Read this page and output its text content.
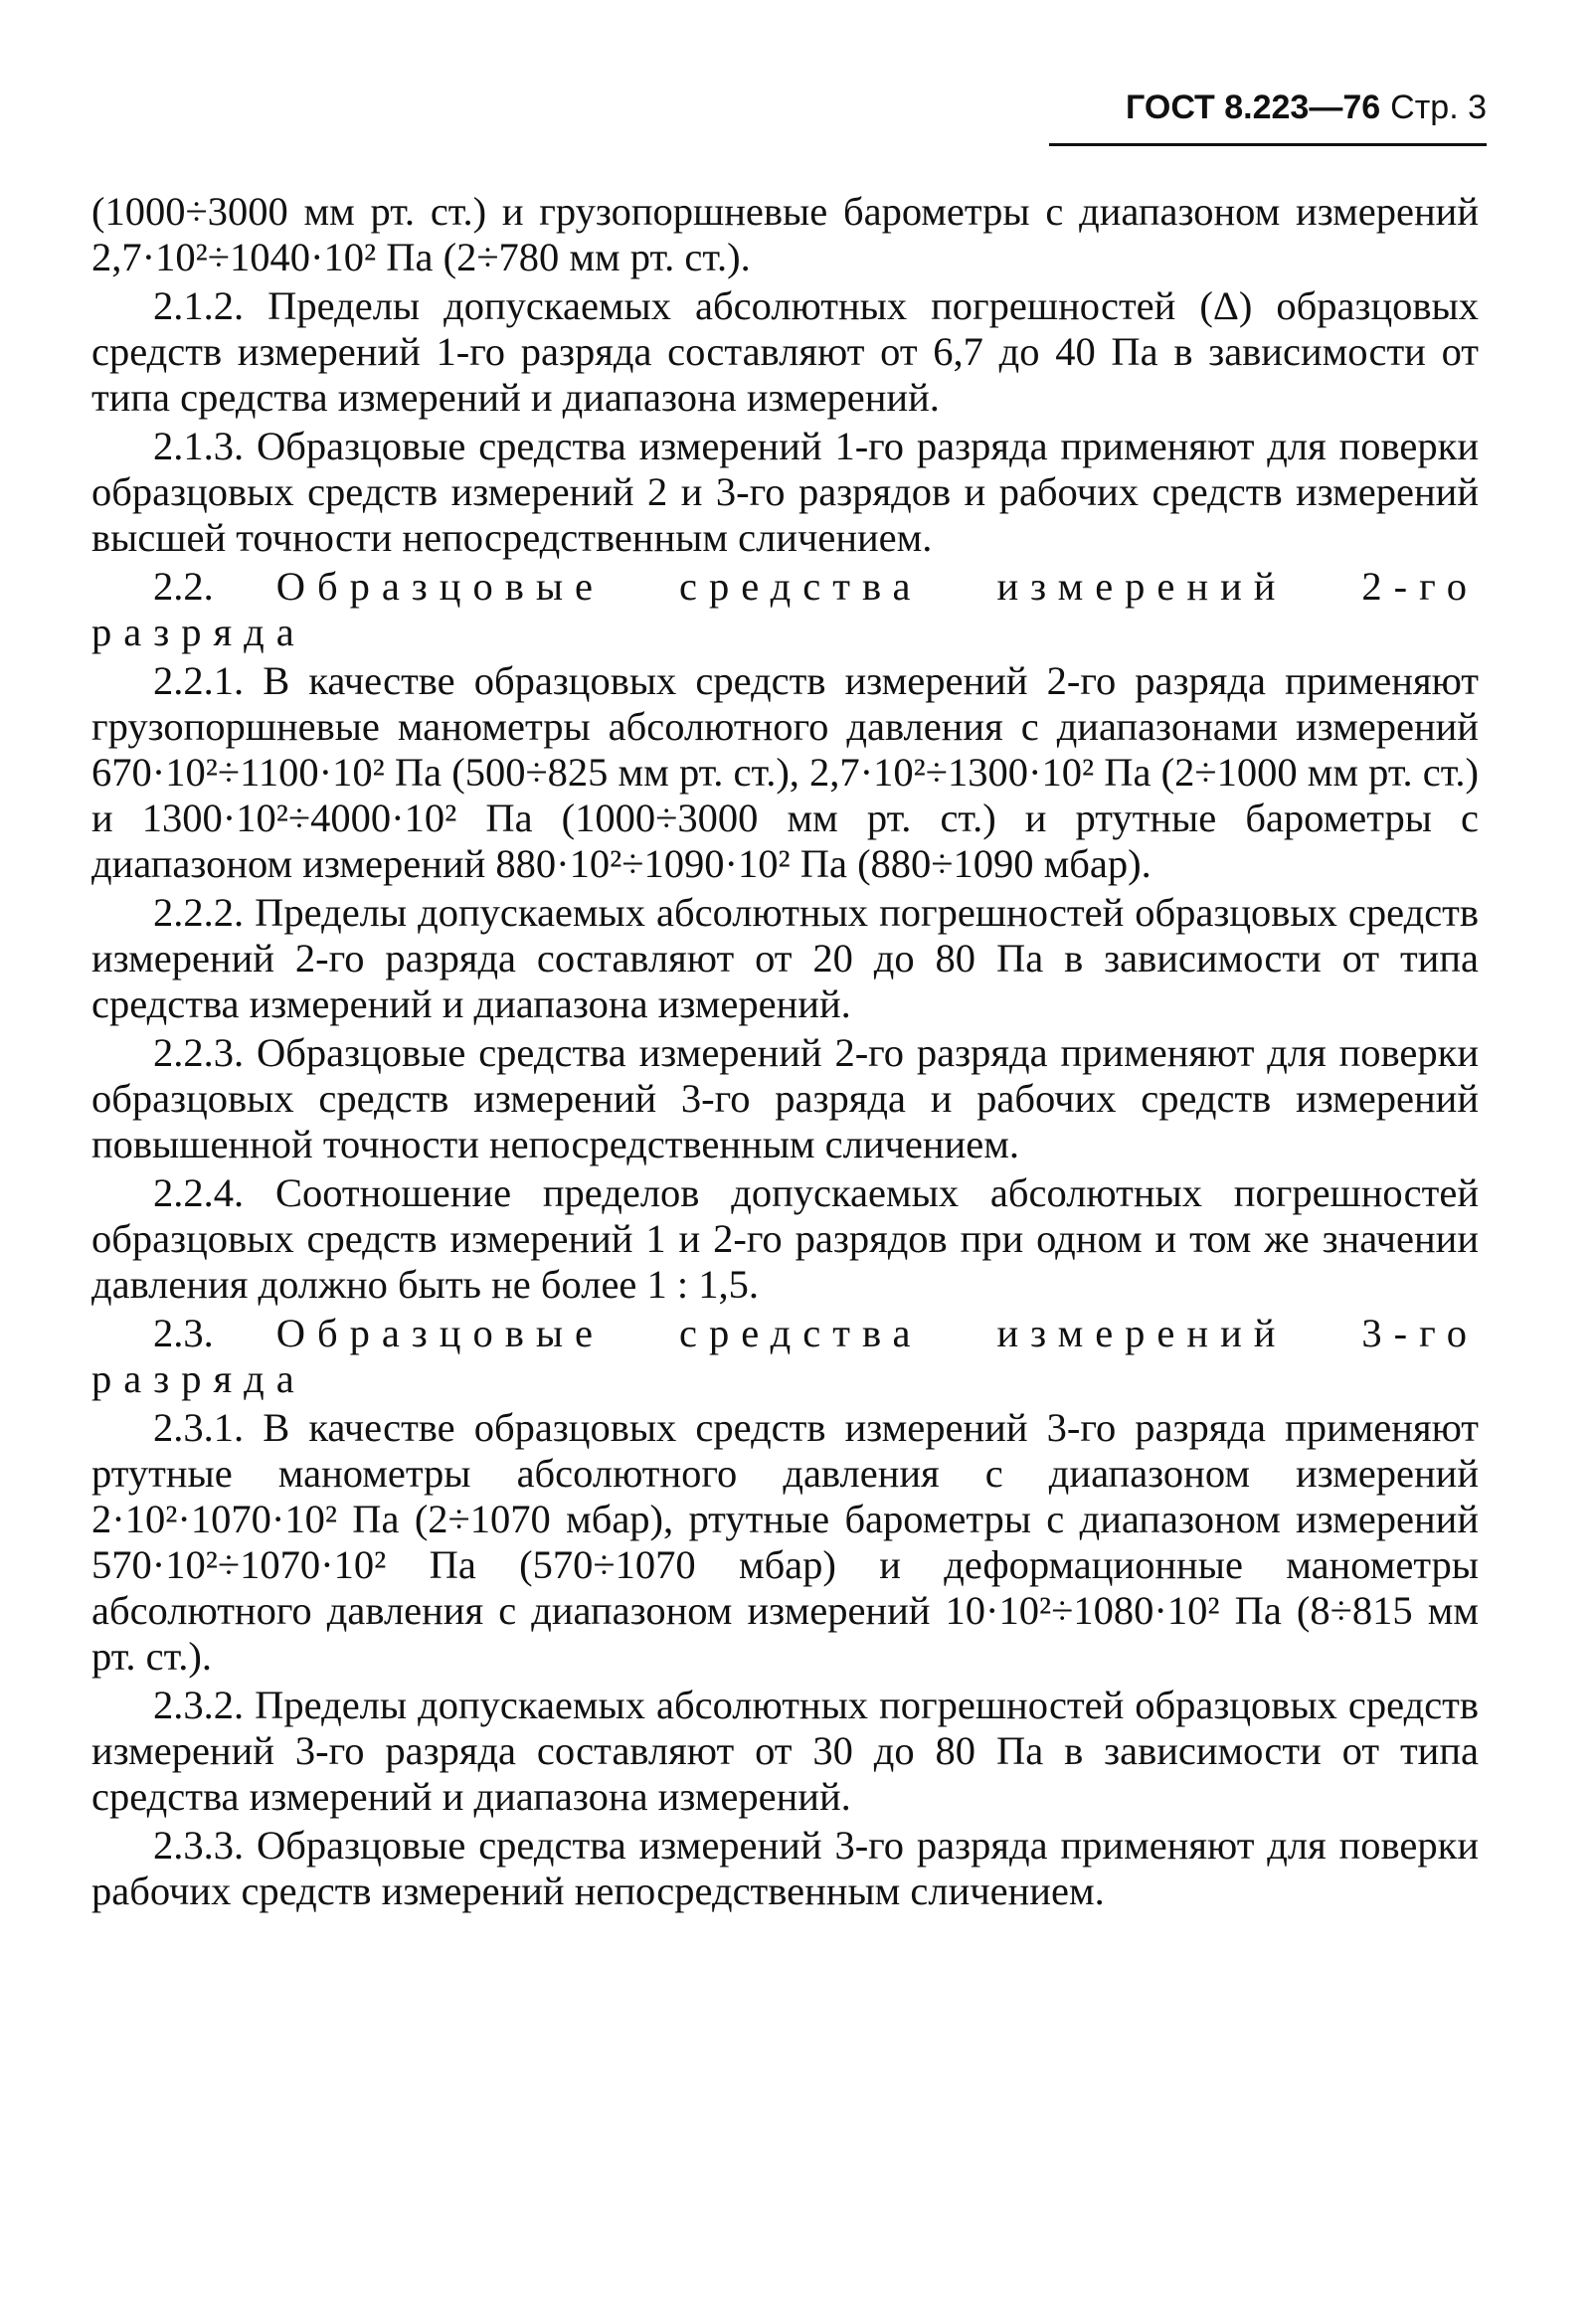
ГОСТ 8.223—76 Стр. 3

(1000÷3000 мм рт. ст.) и грузопоршневые барометры с диапазоном измерений 2,7·10²÷1040·10² Па (2÷780 мм рт. ст.).

2.1.2. Пределы допускаемых абсолютных погрешностей (Δ) образцовых средств измерений 1-го разряда составляют от 6,7 до 40 Па в зависимости от типа средства измерений и диапазона измерений.

2.1.3. Образцовые средства измерений 1-го разряда применяют для поверки образцовых средств измерений 2 и 3-го разрядов и рабочих средств измерений высшей точности непосредственным сличением.

2.2. Образцовые средства измерений 2-го разряда

2.2.1. В качестве образцовых средств измерений 2-го разряда применяют грузопоршневые манометры абсолютного давления с диапазонами измерений 670·10²÷1100·10² Па (500÷825 мм рт. ст.), 2,7·10²÷1300·10² Па (2÷1000 мм рт. ст.) и 1300·10²÷4000·10² Па (1000÷3000 мм рт. ст.) и ртутные барометры с диапазоном измерений 880·10²÷1090·10² Па (880÷1090 мбар).

2.2.2. Пределы допускаемых абсолютных погрешностей образцовых средств измерений 2-го разряда составляют от 20 до 80 Па в зависимости от типа средства измерений и диапазона измерений.

2.2.3. Образцовые средства измерений 2-го разряда применяют для поверки образцовых средств измерений 3-го разряда и рабочих средств измерений повышенной точности непосредственным сличением.

2.2.4. Соотношение пределов допускаемых абсолютных погрешностей образцовых средств измерений 1 и 2-го разрядов при одном и том же значении давления должно быть не более 1 : 1,5.

2.3. Образцовые средства измерений 3-го разряда

2.3.1. В качестве образцовых средств измерений 3-го разряда применяют ртутные манометры абсолютного давления с диапазоном измерений 2·10²·1070·10² Па (2÷1070 мбар), ртутные барометры с диапазоном измерений 570·10²÷1070·10² Па (570÷1070 мбар) и деформационные манометры абсолютного давления с диапазоном измерений 10·10²÷1080·10² Па (8÷815 мм рт. ст.).

2.3.2. Пределы допускаемых абсолютных погрешностей образцовых средств измерений 3-го разряда составляют от 30 до 80 Па в зависимости от типа средства измерений и диапазона измерений.

2.3.3. Образцовые средства измерений 3-го разряда применяют для поверки рабочих средств измерений непосредственным сличением.
